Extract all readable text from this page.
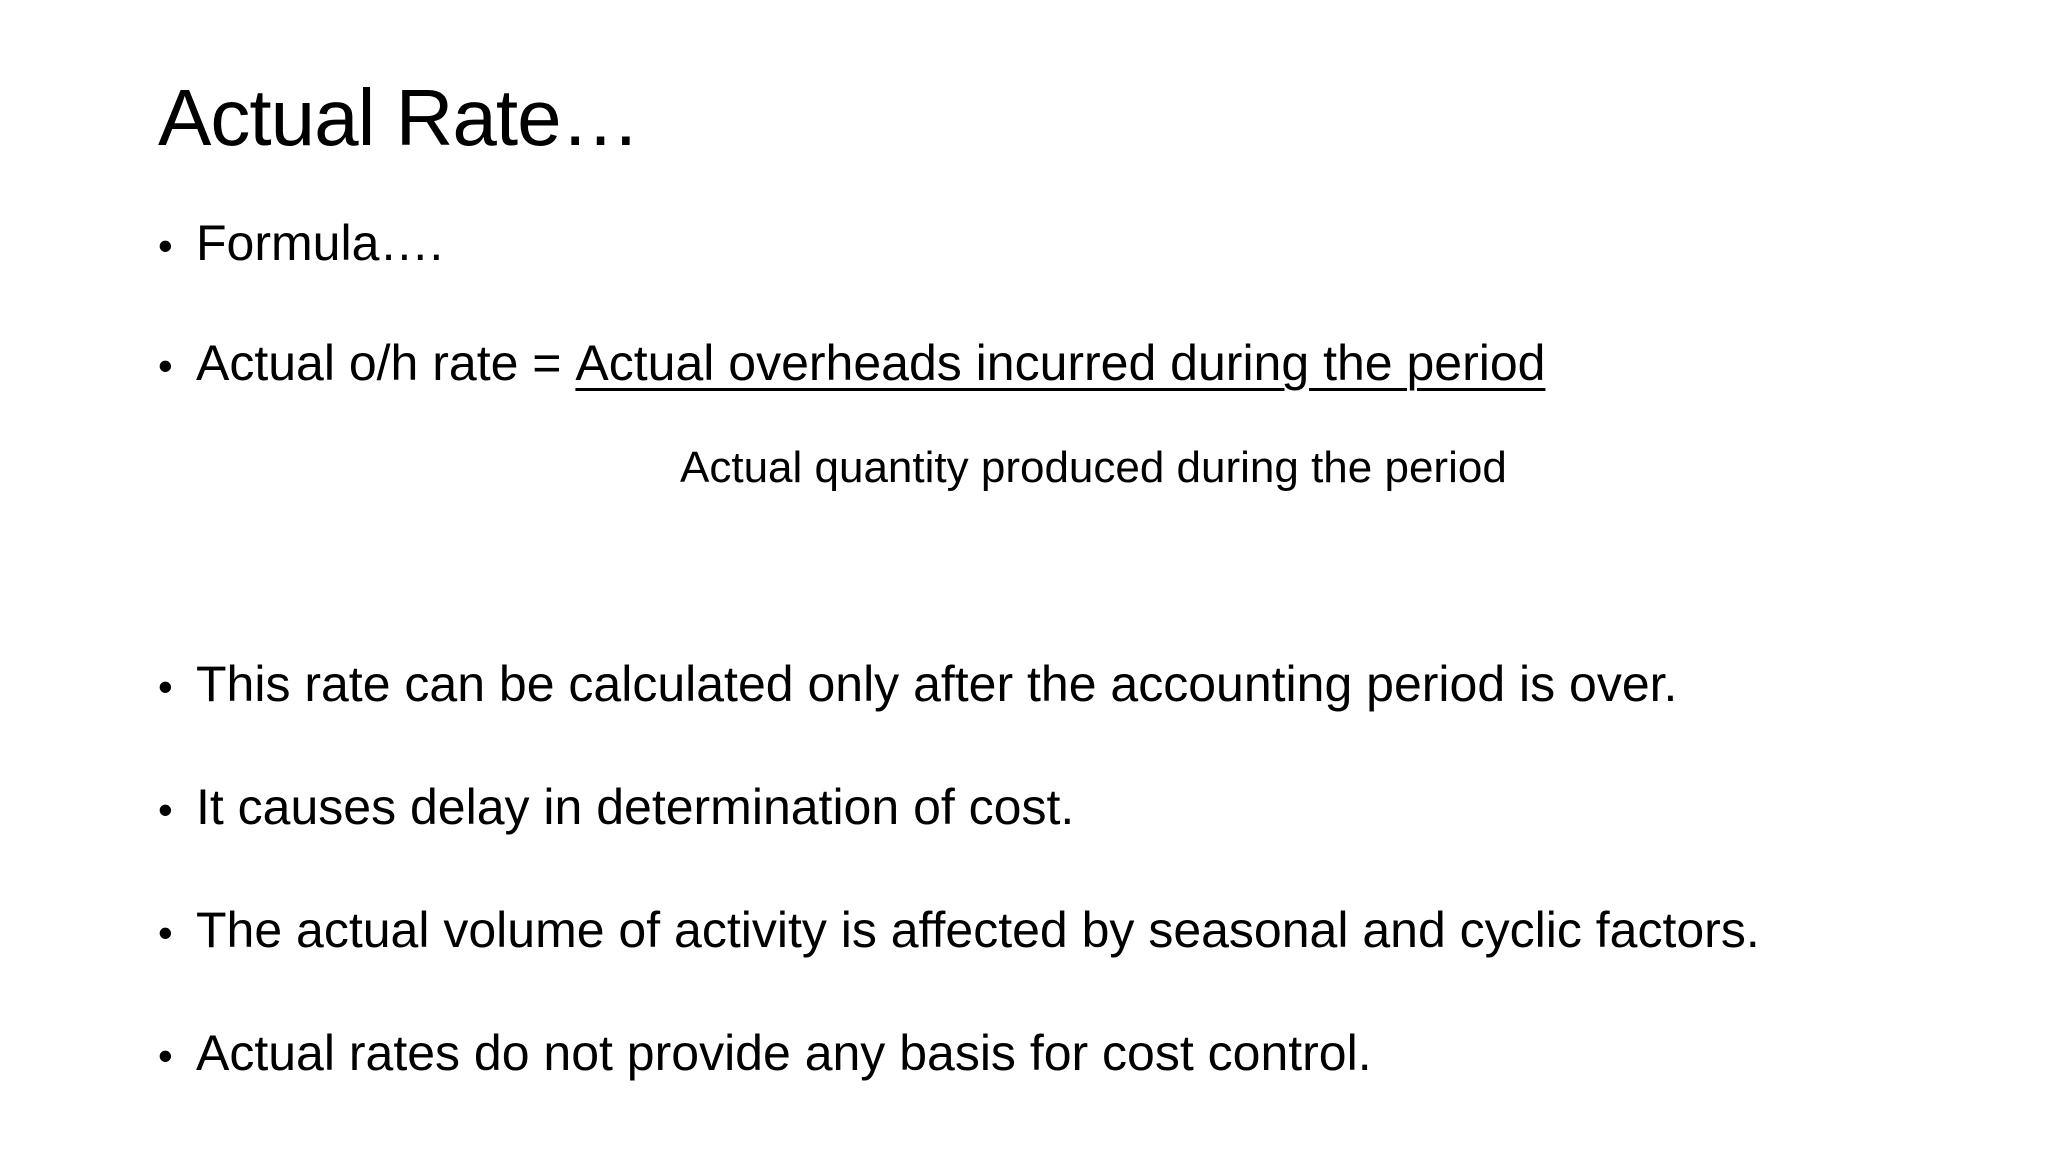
Actual Rate…
• Formula….
• Actual o/h rate = Actual overheads incurred during the period
Actual quantity produced during the period
• This rate can be calculated only after the accounting period is over.
• It causes delay in determination of cost.
• The actual volume of activity is affected by seasonal and cyclic factors.
• Actual rates do not provide any basis for cost control.
